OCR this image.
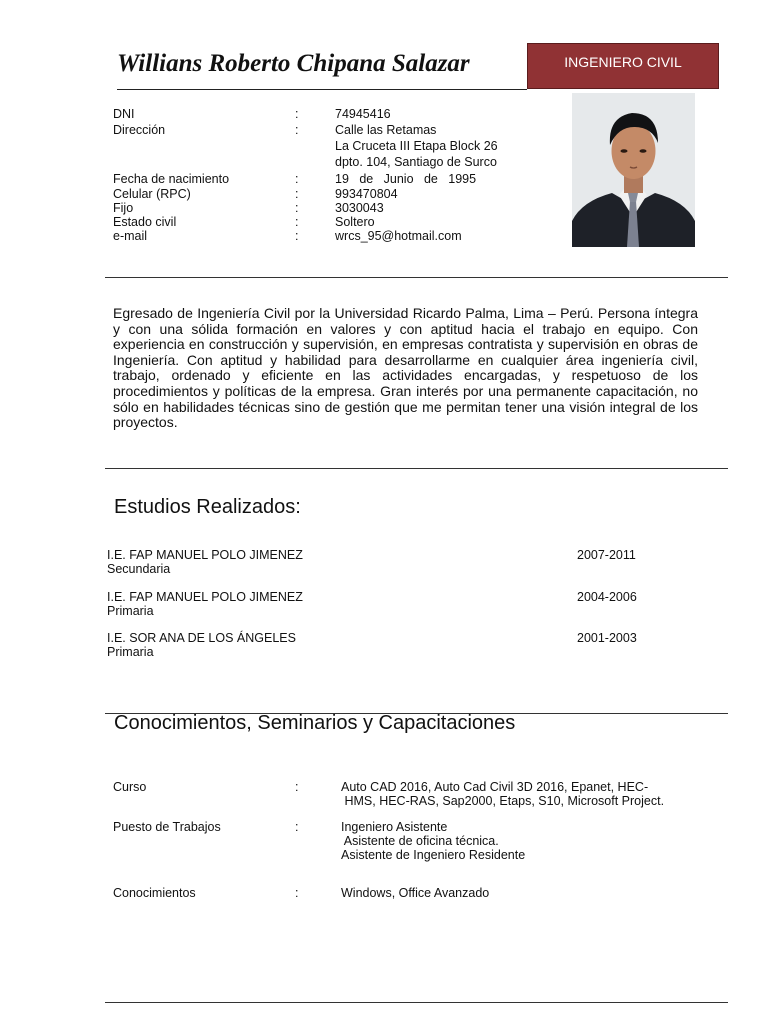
Willians Roberto Chipana Salazar	INGENIERO CIVIL
DNI	:	74945416
Dirección	:	Calle las Retamas
La Cruceta III Etapa Block 26
dpto. 104, Santiago de Surco
Fecha de nacimiento	:	19   de   Junio   de   1995
Celular (RPC)	:	993470804
Fijo	:	3030043
Estado civil	:	Soltero
e-mail	:	wrcs_95@hotmail.com
Egresado de Ingeniería Civil por la Universidad Ricardo Palma, Lima – Perú. Persona íntegra y con una sólida formación en valores y con aptitud hacia el trabajo en equipo. Con experiencia en construcción y supervisión, en empresas contratista y supervisión en obras de Ingeniería. Con aptitud y habilidad para desarrollarme en cualquier área ingeniería civil, trabajo, ordenado y eficiente en las actividades encargadas, y respetuoso de los procedimientos y políticas de la empresa. Gran interés por una permanente capacitación, no sólo en habilidades técnicas sino de gestión que me permitan tener una visión integral de los proyectos.
Estudios Realizados:
I.E. FAP MANUEL POLO JIMENEZ	2007-2011
Secundaria
I.E. FAP MANUEL POLO JIMENEZ	2004-2006
Primaria
I.E. SOR ANA DE LOS ÁNGELES	2001-2003
Primaria
Conocimientos, Seminarios y Capacitaciones
Curso	:	Auto CAD 2016, Auto Cad Civil 3D 2016, Epanet, HEC-
HMS, HEC-RAS, Sap2000, Etaps, S10, Microsoft Project.
Puesto de Trabajos	:	Ingeniero Asistente
Asistente de oficina técnica.
Asistente de Ingeniero Residente
Conocimientos	:	Windows, Office Avanzado
